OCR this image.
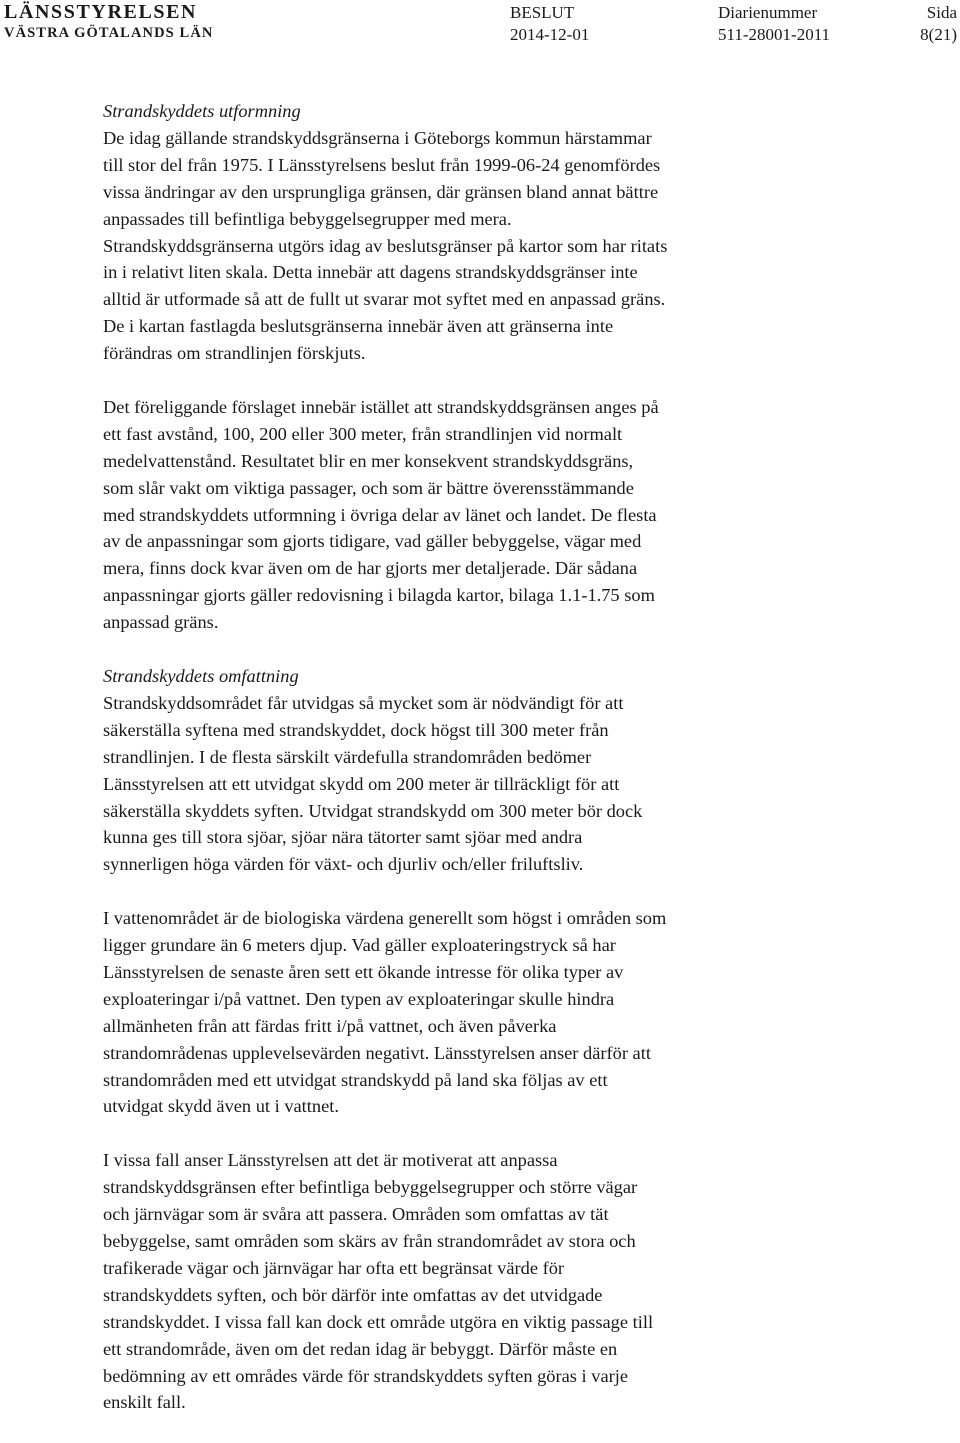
LÄNSSTYRELSEN
VÄSTRA GÖTALANDS LÄN
BESLUT
2014-12-01
Diarienummer
511-28001-2011
Sida
8(21)
Strandskyddets utformning
De idag gällande strandskyddsgränserna i Göteborgs kommun härstammar
till stor del från 1975. I Länsstyrelsens beslut från 1999-06-24 genomfördes
vissa ändringar av den ursprungliga gränsen, där gränsen bland annat bättre
anpassades till befintliga bebyggelsegrupper med mera.
Strandskyddsgränserna utgörs idag av beslutsgränser på kartor som har ritats
in i relativt liten skala. Detta innebär att dagens strandskyddsgränser inte
alltid är utformade så att de fullt ut svarar mot syftet med en anpassad gräns.
De i kartan fastlagda beslutsgränserna innebär även att gränserna inte
förändras om strandlinjen förskjuts.
Det föreliggande förslaget innebär istället att strandskyddsgränsen anges på
ett fast avstånd, 100, 200 eller 300 meter, från strandlinjen vid normalt
medelvattenstånd. Resultatet blir en mer konsekvent strandskyddsgräns,
som slår vakt om viktiga passager, och som är bättre överensstämmande
med strandskyddets utformning i övriga delar av länet och landet. De flesta
av de anpassningar som gjorts tidigare, vad gäller bebyggelse, vägar med
mera, finns dock kvar även om de har gjorts mer detaljerade. Där sådana
anpassningar gjorts gäller redovisning i bilagda kartor, bilaga 1.1-1.75 som
anpassad gräns.
Strandskyddets omfattning
Strandskyddsområdet får utvidgas så mycket som är nödvändigt för att
säkerställa syftena med strandskyddet, dock högst till 300 meter från
strandlinjen. I de flesta särskilt värdefulla strandområden bedömer
Länsstyrelsen att ett utvidgat skydd om 200 meter är tillräckligt för att
säkerställa skyddets syften. Utvidgat strandskydd om 300 meter bör dock
kunna ges till stora sjöar, sjöar nära tätorter samt sjöar med andra
synnerligen höga värden för växt- och djurliv och/eller friluftsliv.
I vattenområdet är de biologiska värdena generellt som högst i områden som
ligger grundare än 6 meters djup. Vad gäller exploateringstryck så har
Länsstyrelsen de senaste åren sett ett ökande intresse för olika typer av
exploateringar i/på vattnet. Den typen av exploateringar skulle hindra
allmänheten från att färdas fritt i/på vattnet, och även påverka
strandområdenas upplevelsevärden negativt. Länsstyrelsen anser därför att
strandområden med ett utvidgat strandskydd på land ska följas av ett
utvidgat skydd även ut i vattnet.
I vissa fall anser Länsstyrelsen att det är motiverat att anpassa
strandskyddsgränsen efter befintliga bebyggelsegrupper och större vägar
och järnvägar som är svåra att passera. Områden som omfattas av tät
bebyggelse, samt områden som skärs av från strandområdet av stora och
trafikerade vägar och järnvägar har ofta ett begränsat värde för
strandskyddets syften, och bör därför inte omfattas av det utvidgade
strandskyddet. I vissa fall kan dock ett område utgöra en viktig passage till
ett strandområde, även om det redan idag är bebyggt. Därför måste en
bedömning av ett områdes värde för strandskyddets syften göras i varje
enskilt fall.
